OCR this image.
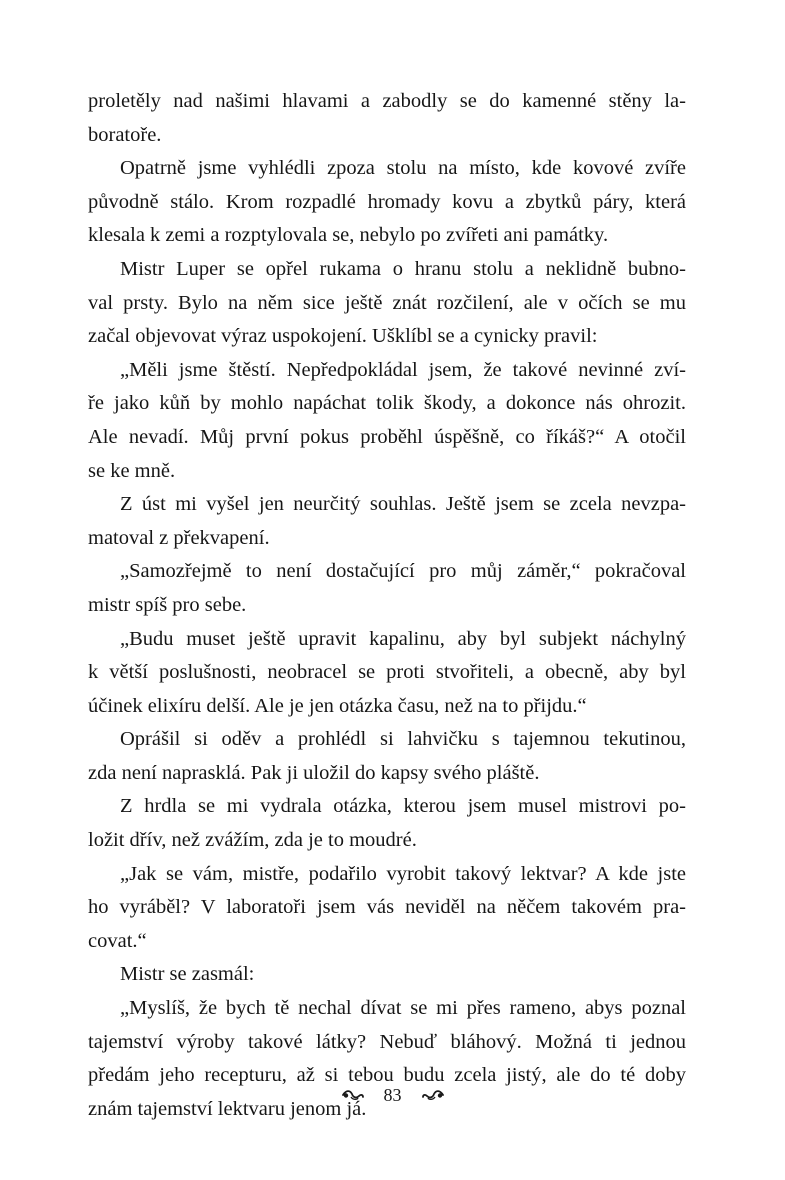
proletěly nad našimi hlavami a zabodly se do kamenné stěny la-
boratoře.
Opatrně jsme vyhlédli zpoza stolu na místo, kde kovové zvíře
původně stálo. Krom rozpadlé hromady kovu a zbytků páry, která
klesala k zemi a rozptylovala se, nebylo po zvířeti ani památky.
Mistr Luper se opřel rukama o hranu stolu a neklidně bubno-
val prsty. Bylo na něm sice ještě znát rozčilení, ale v očích se mu
začal objevovat výraz uspokojení. Ušklíbl se a cynicky pravil:
„Měli jsme štěstí. Nepředpokládal jsem, že takové nevinné zví-
ře jako kůň by mohlo napáchat tolik škody, a dokonce nás ohrozit.
Ale nevadí. Můj první pokus proběhl úspěšně, co říkáš?“ A otočil
se ke mně.
Z úst mi vyšel jen neurčitý souhlas. Ještě jsem se zcela nevzpa-
matoval z překvapení.
„Samozřejmě to není dostačující pro můj záměr,“ pokračoval
mistr spíš pro sebe.
„Budu muset ještě upravit kapalinu, aby byl subjekt náchylný
k větší poslušnosti, neobracel se proti stvořiteli, a obecně, aby byl
účinek elixíru delší. Ale je jen otázka času, než na to přijdu.“
Oprášil si oděv a prohlédl si lahvičku s tajemnou tekutinou,
zda není naprasklá. Pak ji uložil do kapsy svého pláště.
Z hrdla se mi vydrala otázka, kterou jsem musel mistrovi po-
ložit dřív, než zvážím, zda je to moudré.
„Jak se vám, mistře, podařilo vyrobit takový lektvar? A kde jste
ho vyráběl? V laboratoři jsem vás neviděl na něčem takovém pra-
covat.“
Mistr se zasmál:
„Myslíš, že bych tě nechal dívat se mi přes rameno, abys poznal
tajemství výroby takové látky? Nebuď bláhový. Možná ti jednou
předám jeho recepturu, až si tebou budu zcela jistý, ale do té doby
znám tajemství lektvaru jenom já.
83
